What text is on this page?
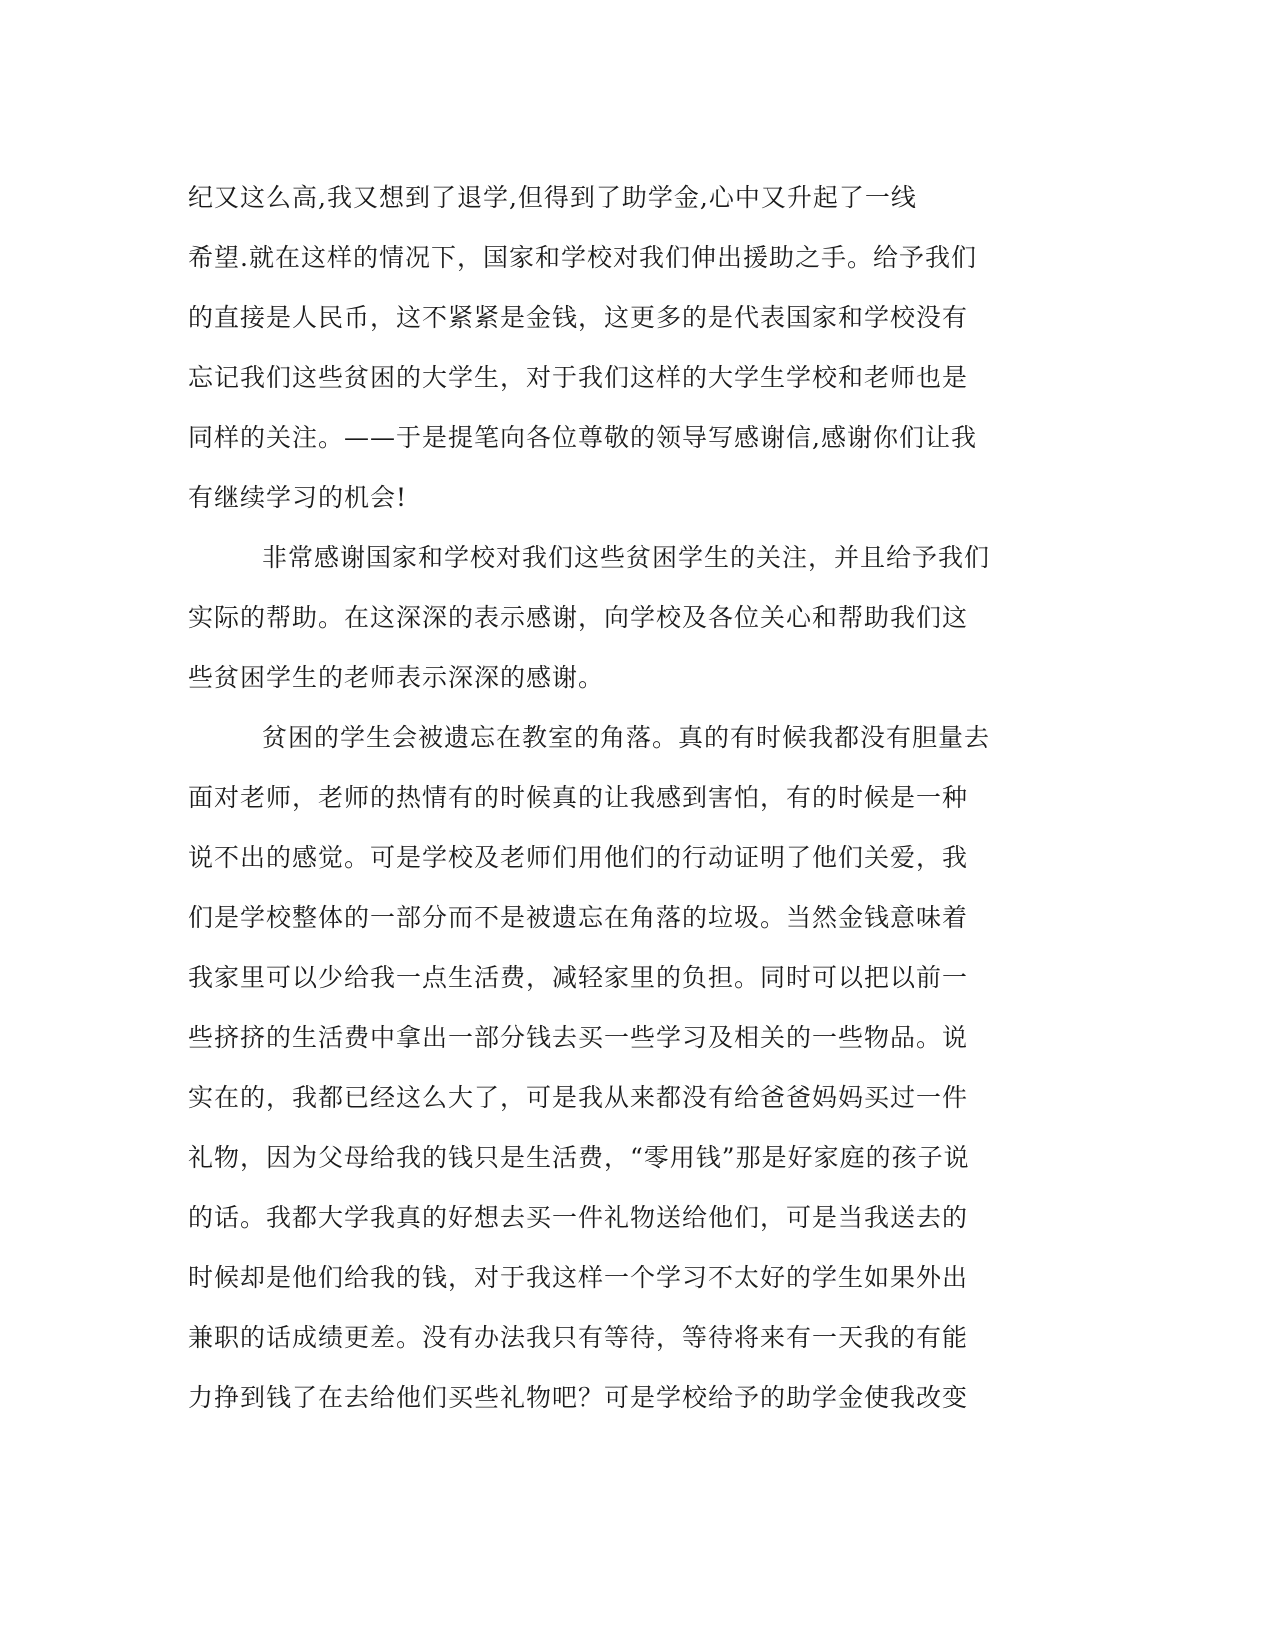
纪又这么高,我又想到了退学,但得到了助学金,心中又升起了一线
希望.就在这样的情况下，国家和学校对我们伸出援助之手。给予我们
的直接是人民币，这不紧紧是金钱，这更多的是代表国家和学校没有
忘记我们这些贫困的大学生，对于我们这样的大学生学校和老师也是
同样的关注。——于是提笔向各位尊敬的领导写感谢信,感谢你们让我
有继续学习的机会!
非常感谢国家和学校对我们这些贫困学生的关注，并且给予我们
实际的帮助。在这深深的表示感谢，向学校及各位关心和帮助我们这
些贫困学生的老师表示深深的感谢。
贫困的学生会被遗忘在教室的角落。真的有时候我都没有胆量去
面对老师，老师的热情有的时候真的让我感到害怕，有的时候是一种
说不出的感觉。可是学校及老师们用他们的行动证明了他们关爱，我
们是学校整体的一部分而不是被遗忘在角落的垃圾。当然金钱意味着
我家里可以少给我一点生活费，减轻家里的负担。同时可以把以前一
些挤挤的生活费中拿出一部分钱去买一些学习及相关的一些物品。说
实在的，我都已经这么大了，可是我从来都没有给爸爸妈妈买过一件
礼物，因为父母给我的钱只是生活费，“零用钱”那是好家庭的孩子说
的话。我都大学我真的好想去买一件礼物送给他们，可是当我送去的
时候却是他们给我的钱，对于我这样一个学习不太好的学生如果外出
兼职的话成绩更差。没有办法我只有等待，等待将来有一天我的有能
力挣到钱了在去给他们买些礼物吧？可是学校给予的助学金使我改变
